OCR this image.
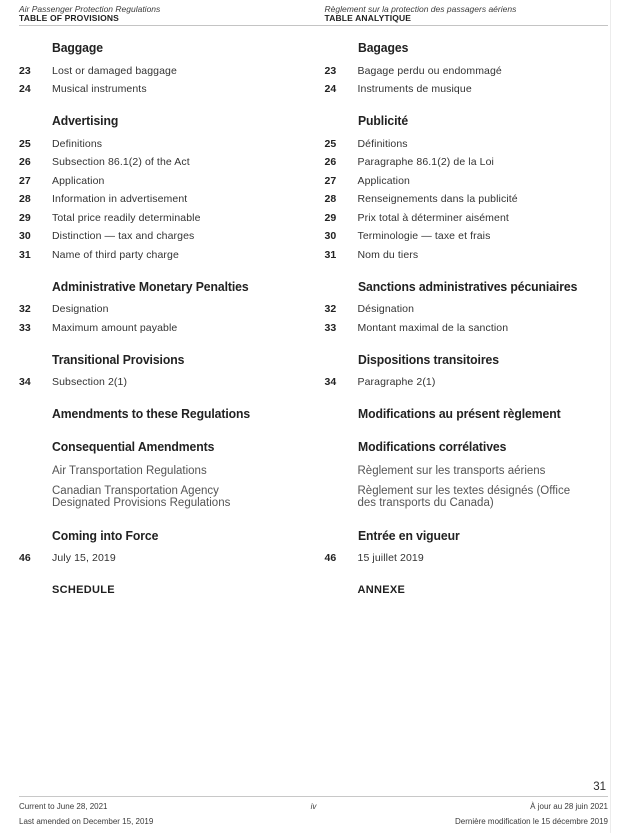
Air Passenger Protection Regulations
TABLE OF PROVISIONS
Règlement sur la protection des passagers aériens
TABLE ANALYTIQUE
Baggage
23	Lost or damaged baggage
24	Musical instruments
Advertising
25	Definitions
26	Subsection 86.1(2) of the Act
27	Application
28	Information in advertisement
29	Total price readily determinable
30	Distinction — tax and charges
31	Name of third party charge
Administrative Monetary Penalties
32	Designation
33	Maximum amount payable
Transitional Provisions
34	Subsection 2(1)
Amendments to these Regulations
Consequential Amendments
Air Transportation Regulations
Canadian Transportation Agency
Designated Provisions Regulations
Coming into Force
46	July 15, 2019
SCHEDULE
Bagages
23	Bagage perdu ou endommagé
24	Instruments de musique
Publicité
25	Définitions
26	Paragraphe 86.1(2) de la Loi
27	Application
28	Renseignements dans la publicité
29	Prix total à déterminer aisément
30	Terminologie — taxe et frais
31	Nom du tiers
Sanctions administratives pécuniaires
32	Désignation
33	Montant maximal de la sanction
Dispositions transitoires
34	Paragraphe 2(1)
Modifications au présent règlement
Modifications corrélatives
Règlement sur les transports aériens
Règlement sur les textes désignés (Office
des transports du Canada)
Entrée en vigueur
46	15 juillet 2019
ANNEXE
31
Current to June 28, 2021	iv	À jour au 28 juin 2021
Last amended on December 15, 2019	Dernière modification le 15 décembre 2019
